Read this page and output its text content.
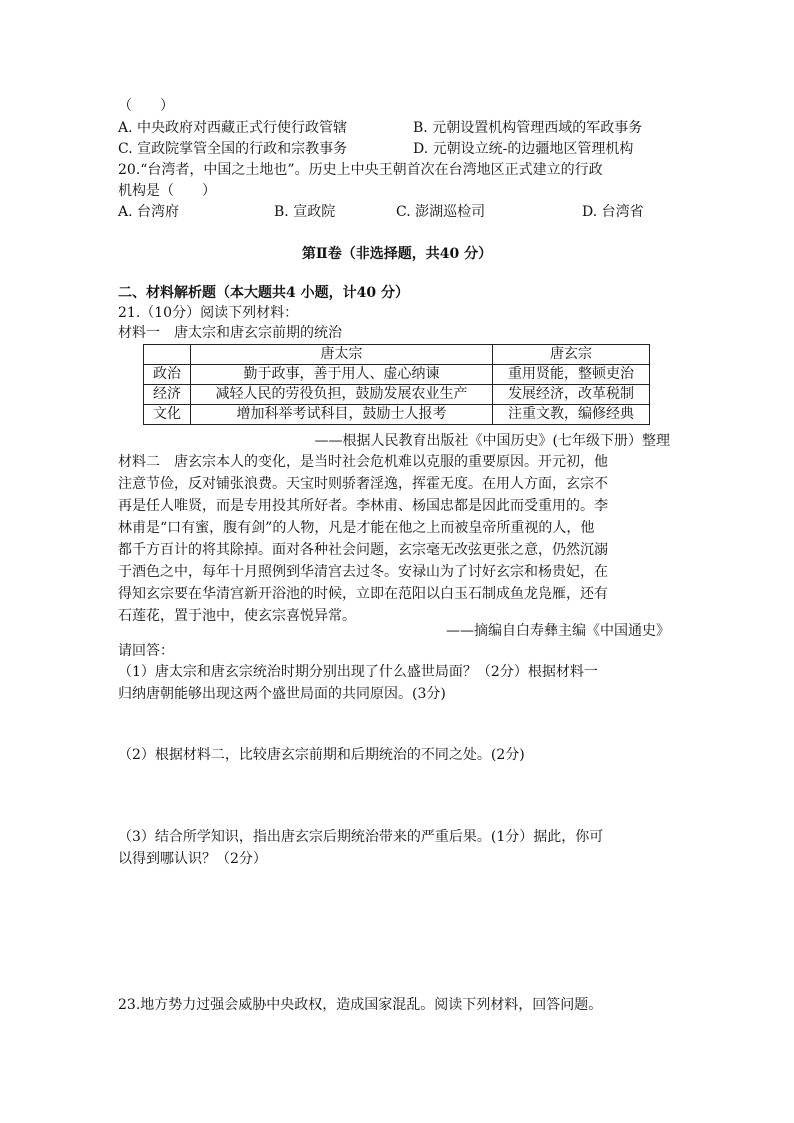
（　　）
A. 中央政府对西藏正式行使行政管辖	B. 元朝设置机构管理西域的军政事务
C. 宣政院掌管全国的行政和宗教事务	D. 元朝设立统-的边疆地区管理机构
20.“台湾者，中国之土地也”。历史上中央王朝首次在台湾地区正式建立的行政
机构是（　　）
A. 台湾府	B. 宣政院	C. 澎湖巡检司	D. 台湾省
第Ⅱ卷（非选择题，共40 分）
二、材料解析题（本大题共4 小题，计40 分）
21.（10分）阅读下列材料：
材料一　唐太宗和唐玄宗前期的统治
	唐太宗	唐玄宗
政治	勤于政事，善于用人、虚心纳谏	重用贤能，整顿吏治
经济	减轻人民的劳役负担，鼓励发展农业生产	发展经济，改革税制
文化	增加科举考试科目，鼓励士人报考	注重文教，编修经典
——根据人民教育出版社《中国历史》(七年级下册）整理
材料二　唐玄宗本人的变化，是当时社会危机难以克服的重要原因。开元初，他
注意节俭，反对铺张浪费。天宝时则骄奢淫逸，挥霍无度。在用人方面，玄宗不
再是任人唯贤，而是专用投其所好者。李林甫、杨国忠都是因此而受重用的。李
林甫是“口有蜜，腹有剑”的人物，凡是才能在他之上而被皇帝所重视的人，他
都千方百计的将其除掉。面对各种社会问题，玄宗毫无改弦更张之意，仍然沉溺
于酒色之中，每年十月照例到华清宫去过冬。安禄山为了讨好玄宗和杨贵妃，在
得知玄宗要在华清宫新开浴池的时候，立即在范阳以白玉石制成鱼龙凫雁，还有
石莲花，置于池中，使玄宗喜悦异常。
——摘编自白寿彝主编《中国通史》
请回答：
（1）唐太宗和唐玄宗统治时期分别出现了什么盛世局面？（2分）根据材料一
归纳唐朝能够出现这两个盛世局面的共同原因。(3分)
（2）根据材料二，比较唐玄宗前期和后期统治的不同之处。(2分)
（3）结合所学知识，指出唐玄宗后期统治带来的严重后果。(1分）据此，你可
以得到哪认识？（2分）
23.地方势力过强会威胁中央政权，造成国家混乱。阅读下列材料，回答问题。
